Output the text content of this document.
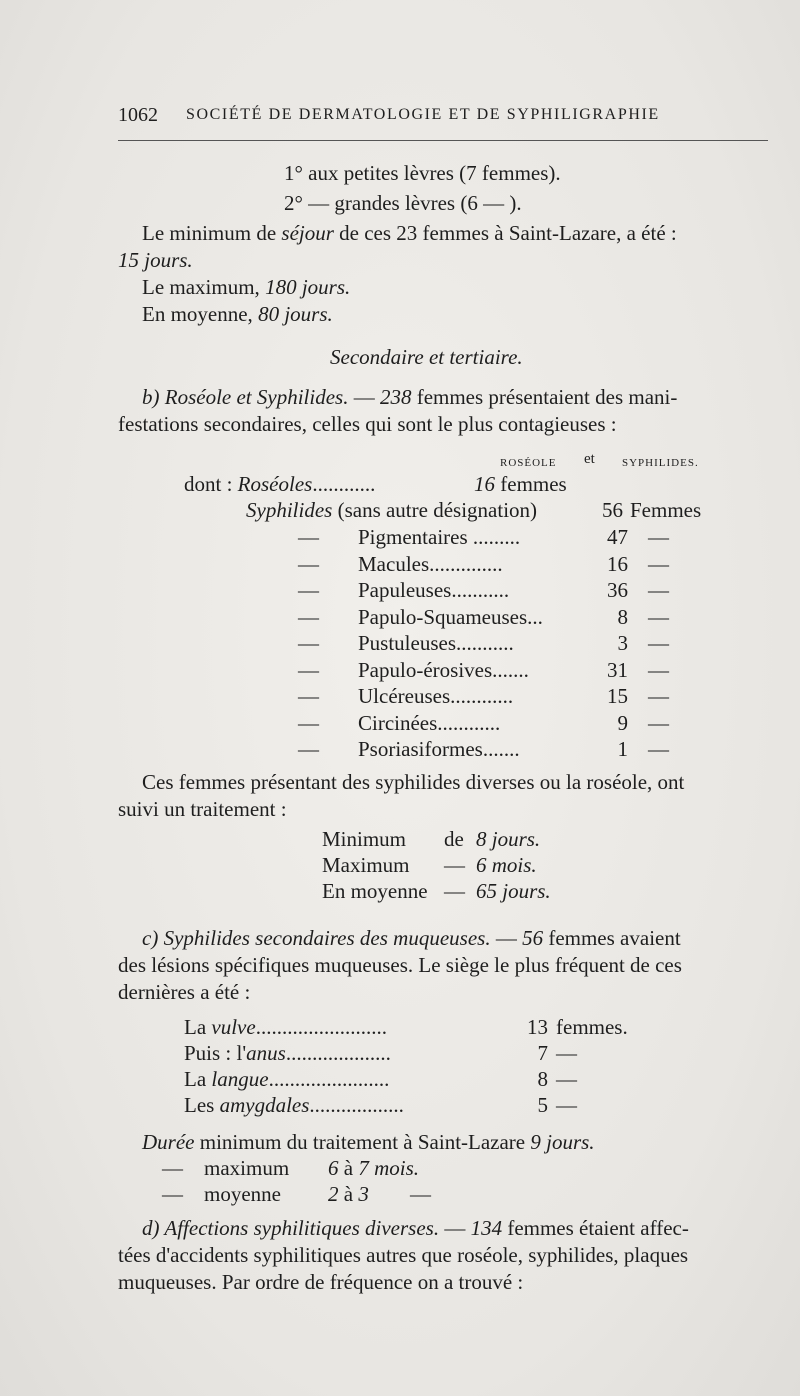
1062 SOCIÉTÉ DE DERMATOLOGIE ET DE SYPHILIGRAPHIE
1° aux petites lèvres (7 femmes).
2° — grandes lèvres (6 — ).
Le minimum de séjour de ces 23 femmes à Saint-Lazare, a été :
15 jours.
Le maximum, 180 jours.
En moyenne, 80 jours.
Secondaire et tertiaire.
b) Roséole et Syphilides. — 238 femmes présentaient des mani-
festations secondaires, celles qui sont le plus contagieuses :
ROSÉOLE et SYPHILIDES.
dont : Roséoles............	16 femmes
Syphilides (sans autre désignation)	56 Femmes
— Pigmentaires .........	47 —
— Macules..............	16 —
— Papuleuses...........	36 —
— Papulo-Squameuses...	8 —
— Pustuleuses...........	3 —
— Papulo-érosives.......	31 —
— Ulcéreuses............	15 —
— Circinées............	9 —
— Psoriasiformes.......	1 —
Ces femmes présentant des syphilides diverses ou la roséole, ont
suivi un traitement :
Minimum de 8 jours.
Maximum — 6 mois.
En moyenne — 65 jours.
c) Syphilides secondaires des muqueuses. — 56 femmes avaient
des lésions spécifiques muqueuses. Le siège le plus fréquent de ces
dernières a été :
La vulve.........................	13 femmes.
Puis : l'anus....................	7 —
La langue.......................	8 —
Les amygdales..................	5 —
Durée minimum du traitement à Saint-Lazare 9 jours.
— maximum 6 à 7 mois.
— moyenne 2 à 3 —
d) Affections syphilitiques diverses. — 134 femmes étaient affec-
tées d'accidents syphilitiques autres que roséole, syphilides, plaques
muqueuses. Par ordre de fréquence on a trouvé :
